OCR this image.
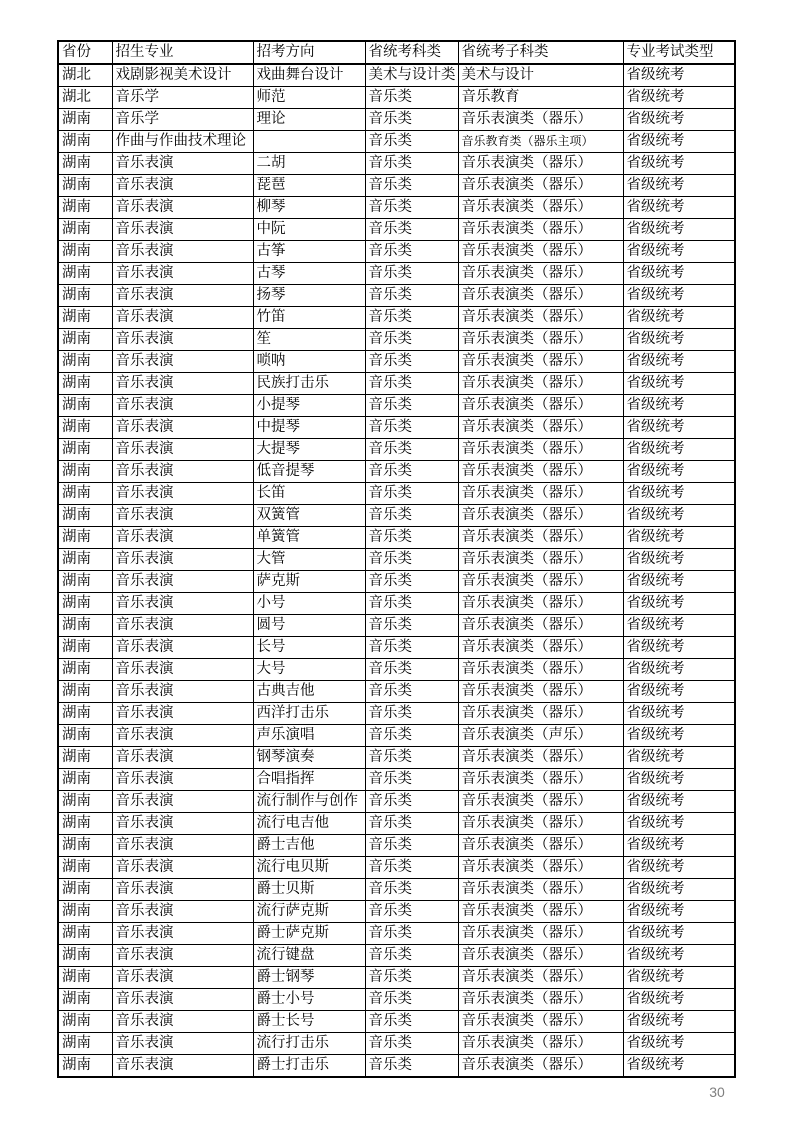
省份	招生专业	招考方向	省统考科类	省统考子科类	专业考试类型
湖北	戏剧影视美术设计	戏曲舞台设计	美术与设计类	美术与设计	省级统考
湖北	音乐学	师范	音乐类	音乐教育	省级统考
湖南	音乐学	理论	音乐类	音乐表演类（器乐）	省级统考
湖南	作曲与作曲技术理论		音乐类	音乐教育类（器乐主项）	省级统考
湖南	音乐表演	二胡	音乐类	音乐表演类（器乐）	省级统考
湖南	音乐表演	琵琶	音乐类	音乐表演类（器乐）	省级统考
湖南	音乐表演	柳琴	音乐类	音乐表演类（器乐）	省级统考
湖南	音乐表演	中阮	音乐类	音乐表演类（器乐）	省级统考
湖南	音乐表演	古筝	音乐类	音乐表演类（器乐）	省级统考
湖南	音乐表演	古琴	音乐类	音乐表演类（器乐）	省级统考
湖南	音乐表演	扬琴	音乐类	音乐表演类（器乐）	省级统考
湖南	音乐表演	竹笛	音乐类	音乐表演类（器乐）	省级统考
湖南	音乐表演	笙	音乐类	音乐表演类（器乐）	省级统考
湖南	音乐表演	唢呐	音乐类	音乐表演类（器乐）	省级统考
湖南	音乐表演	民族打击乐	音乐类	音乐表演类（器乐）	省级统考
湖南	音乐表演	小提琴	音乐类	音乐表演类（器乐）	省级统考
湖南	音乐表演	中提琴	音乐类	音乐表演类（器乐）	省级统考
湖南	音乐表演	大提琴	音乐类	音乐表演类（器乐）	省级统考
湖南	音乐表演	低音提琴	音乐类	音乐表演类（器乐）	省级统考
湖南	音乐表演	长笛	音乐类	音乐表演类（器乐）	省级统考
湖南	音乐表演	双簧管	音乐类	音乐表演类（器乐）	省级统考
湖南	音乐表演	单簧管	音乐类	音乐表演类（器乐）	省级统考
湖南	音乐表演	大管	音乐类	音乐表演类（器乐）	省级统考
湖南	音乐表演	萨克斯	音乐类	音乐表演类（器乐）	省级统考
湖南	音乐表演	小号	音乐类	音乐表演类（器乐）	省级统考
湖南	音乐表演	圆号	音乐类	音乐表演类（器乐）	省级统考
湖南	音乐表演	长号	音乐类	音乐表演类（器乐）	省级统考
湖南	音乐表演	大号	音乐类	音乐表演类（器乐）	省级统考
湖南	音乐表演	古典吉他	音乐类	音乐表演类（器乐）	省级统考
湖南	音乐表演	西洋打击乐	音乐类	音乐表演类（器乐）	省级统考
湖南	音乐表演	声乐演唱	音乐类	音乐表演类（声乐）	省级统考
湖南	音乐表演	钢琴演奏	音乐类	音乐表演类（器乐）	省级统考
湖南	音乐表演	合唱指挥	音乐类	音乐表演类（器乐）	省级统考
湖南	音乐表演	流行制作与创作	音乐类	音乐表演类（器乐）	省级统考
湖南	音乐表演	流行电吉他	音乐类	音乐表演类（器乐）	省级统考
湖南	音乐表演	爵士吉他	音乐类	音乐表演类（器乐）	省级统考
湖南	音乐表演	流行电贝斯	音乐类	音乐表演类（器乐）	省级统考
湖南	音乐表演	爵士贝斯	音乐类	音乐表演类（器乐）	省级统考
湖南	音乐表演	流行萨克斯	音乐类	音乐表演类（器乐）	省级统考
湖南	音乐表演	爵士萨克斯	音乐类	音乐表演类（器乐）	省级统考
湖南	音乐表演	流行键盘	音乐类	音乐表演类（器乐）	省级统考
湖南	音乐表演	爵士钢琴	音乐类	音乐表演类（器乐）	省级统考
湖南	音乐表演	爵士小号	音乐类	音乐表演类（器乐）	省级统考
湖南	音乐表演	爵士长号	音乐类	音乐表演类（器乐）	省级统考
湖南	音乐表演	流行打击乐	音乐类	音乐表演类（器乐）	省级统考
湖南	音乐表演	爵士打击乐	音乐类	音乐表演类（器乐）	省级统考
30
